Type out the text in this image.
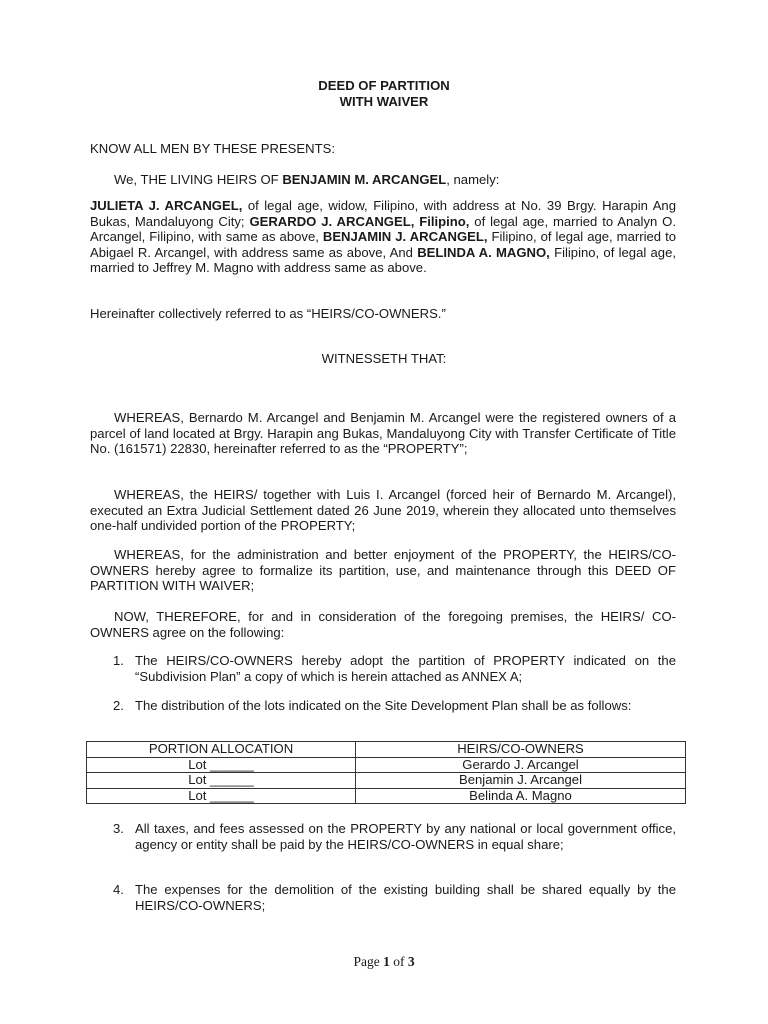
DEED OF PARTITION
WITH WAIVER
KNOW ALL MEN BY THESE PRESENTS:
We, THE LIVING HEIRS OF BENJAMIN M. ARCANGEL, namely:
JULIETA J. ARCANGEL, of legal age, widow, Filipino, with address at No. 39 Brgy. Harapin Ang Bukas, Mandaluyong City; GERARDO J. ARCANGEL, Filipino, of legal age, married to Analyn O. Arcangel, Filipino, with same as above, BENJAMIN J. ARCANGEL, Filipino, of legal age, married to Abigael R. Arcangel, with address same as above, And BELINDA A. MAGNO, Filipino, of legal age, married to Jeffrey M. Magno with address same as above.
Hereinafter collectively referred to as “HEIRS/CO-OWNERS.”
WITNESSETH THAT:
WHEREAS, Bernardo M. Arcangel and Benjamin M. Arcangel were the registered owners of a parcel of land located at Brgy. Harapin ang Bukas, Mandaluyong City with Transfer Certificate of Title No. (161571) 22830, hereinafter referred to as the “PROPERTY”;
WHEREAS, the HEIRS/ together with Luis I. Arcangel (forced heir of Bernardo M. Arcangel), executed an Extra Judicial Settlement dated 26 June 2019, wherein they allocated unto themselves one-half undivided portion of the PROPERTY;
WHEREAS, for the administration and better enjoyment of the PROPERTY, the HEIRS/CO-OWNERS hereby agree to formalize its partition, use, and maintenance through this DEED OF PARTITION WITH WAIVER;
NOW, THEREFORE, for and in consideration of the foregoing premises, the HEIRS/ CO-OWNERS agree on the following:
1. The HEIRS/CO-OWNERS hereby adopt the partition of PROPERTY indicated on the “Subdivision Plan” a copy of which is herein attached as ANNEX A;
2. The distribution of the lots indicated on the Site Development Plan shall be as follows:
PORTION ALLOCATION	HEIRS/CO-OWNERS
Lot ______	Gerardo J. Arcangel
Lot ______	Benjamin J. Arcangel
Lot ______	Belinda A. Magno
3. All taxes, and fees assessed on the PROPERTY by any national or local government office, agency or entity shall be paid by the HEIRS/CO-OWNERS in equal share;
4. The expenses for the demolition of the existing building shall be shared equally by the HEIRS/CO-OWNERS;
Page 1 of 3
